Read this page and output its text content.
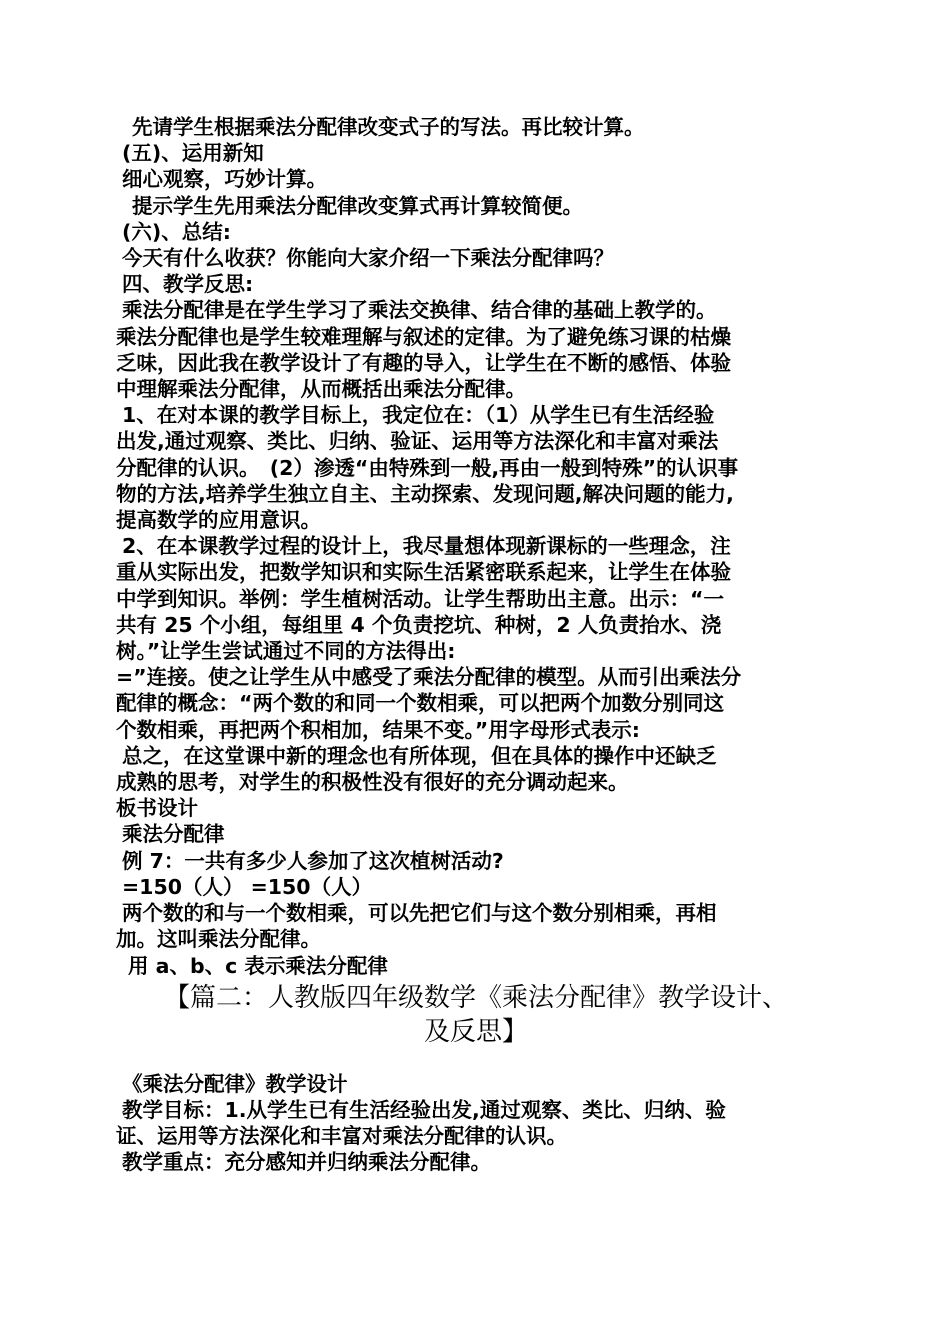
先请学生根据乘法分配律改变式子的写法。再比较计算。

(五)、运用新知

细心观察，巧妙计算。

提示学生先用乘法分配律改变算式再计算较简便。

(六)、总结:

今天有什么收获？你能向大家介绍一下乘法分配律吗？

四、教学反思:

乘法分配律是在学生学习了乘法交换律、结合律的基础上教学的。

乘法分配律也是学生较难理解与叙述的定律。为了避免练习课的枯燥

乏味，因此我在教学设计了有趣的导入，让学生在不断的感悟、体验

中理解乘法分配律，从而概括出乘法分配律。

1、在对本课的教学目标上，我定位在：（1）从学生已有生活经验

出发,通过观察、类比、归纳、验证、运用等方法深化和丰富对乘法

分配律的认识。　(2）渗透“由特殊到一般,再由一般到特殊”的认识事

物的方法,培养学生独立自主、主动探索、发现问题,解决问题的能力,

提高数学的应用意识。

2、在本课教学过程的设计上，我尽量想体现新课标的一些理念，注

重从实际出发，把数学知识和实际生活紧密联系起来，让学生在体验

中学到知识。举例：学生植树活动。让学生帮助出主意。出示：“一

共有 25 个小组，每组里 4 个负责挖坑、种树，2 人负责抬水、浇

树。”让学生尝试通过不同的方法得出:

=”连接。使之让学生从中感受了乘法分配律的模型。从而引出乘法分

配律的概念：“两个数的和同一个数相乘，可以把两个加数分别同这

个数相乘，再把两个积相加，结果不变。”用字母形式表示:

总之，在这堂课中新的理念也有所体现，但在具体的操作中还缺乏

成熟的思考，对学生的积极性没有很好的充分调动起来。

板书设计

乘法分配律

例 7：一共有多少人参加了这次植树活动?

=150（人） =150（人）

两个数的和与一个数相乘，可以先把它们与这个数分别相乘，再相

加。这叫乘法分配律。

用 a、b、c 表示乘法分配律

【篇二：人教版四年级数学《乘法分配律》教学设计、
及反思】

《乘法分配律》教学设计

教学目标：1.从学生已有生活经验出发,通过观察、类比、归纳、验

证、运用等方法深化和丰富对乘法分配律的认识。

教学重点：充分感知并归纳乘法分配律。
